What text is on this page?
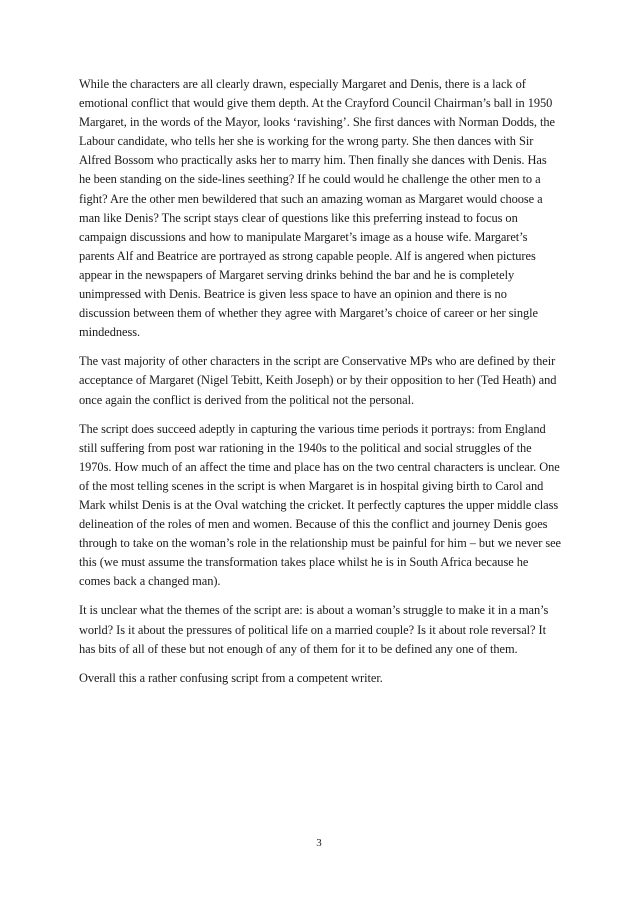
While the characters are all clearly drawn, especially Margaret and Denis, there is a lack of emotional conflict that would give them depth. At the Crayford Council Chairman’s ball in 1950 Margaret, in the words of the Mayor, looks ‘ravishing’. She first dances with Norman Dodds, the Labour candidate, who tells her she is working for the wrong party. She then dances with Sir Alfred Bossom who practically asks her to marry him. Then finally she dances with Denis. Has he been standing on the side-lines seething? If he could would he challenge the other men to a fight? Are the other men bewildered that such an amazing woman as Margaret would choose a man like Denis? The script stays clear of questions like this preferring instead to focus on campaign discussions and how to manipulate Margaret’s image as a house wife. Margaret’s parents Alf and Beatrice are portrayed as strong capable people. Alf is angered when pictures appear in the newspapers of Margaret serving drinks behind the bar and he is completely unimpressed with Denis. Beatrice is given less space to have an opinion and there is no discussion between them of whether they agree with Margaret’s choice of career or her single mindedness.

The vast majority of other characters in the script are Conservative MPs who are defined by their acceptance of Margaret (Nigel Tebitt, Keith Joseph) or by their opposition to her (Ted Heath) and once again the conflict is derived from the political not the personal.

The script does succeed adeptly in capturing the various time periods it portrays: from England still suffering from post war rationing in the 1940s to the political and social struggles of the 1970s. How much of an affect the time and place has on the two central characters is unclear. One of the most telling scenes in the script is when Margaret is in hospital giving birth to Carol and Mark whilst Denis is at the Oval watching the cricket. It perfectly captures the upper middle class delineation of the roles of men and women. Because of this the conflict and journey Denis goes through to take on the woman’s role in the relationship must be painful for him – but we never see this (we must assume the transformation takes place whilst he is in South Africa because he comes back a changed man).

It is unclear what the themes of the script are: is about a woman’s struggle to make it in a man’s world? Is it about the pressures of political life on a married couple? Is it about role reversal? It has bits of all of these but not enough of any of them for it to be defined any one of them.

Overall this a rather confusing script from a competent writer.

3
